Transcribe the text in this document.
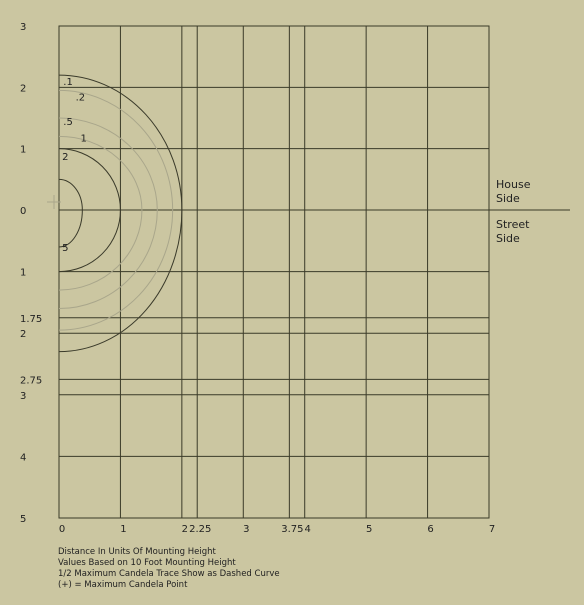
0	1	2 2.25	3	3.75 4	5	6	7
3
2
1
0
1
1.75
2
2.75
3
4
5
House
Side
Street
Side
.1
.2
.5
1
2
5
Distance In Units Of Mounting Height
Values Based on 10 Foot Mounting Height
1/2 Maximum Candela Trace Show as Dashed Curve
(+) = Maximum Candela Point
